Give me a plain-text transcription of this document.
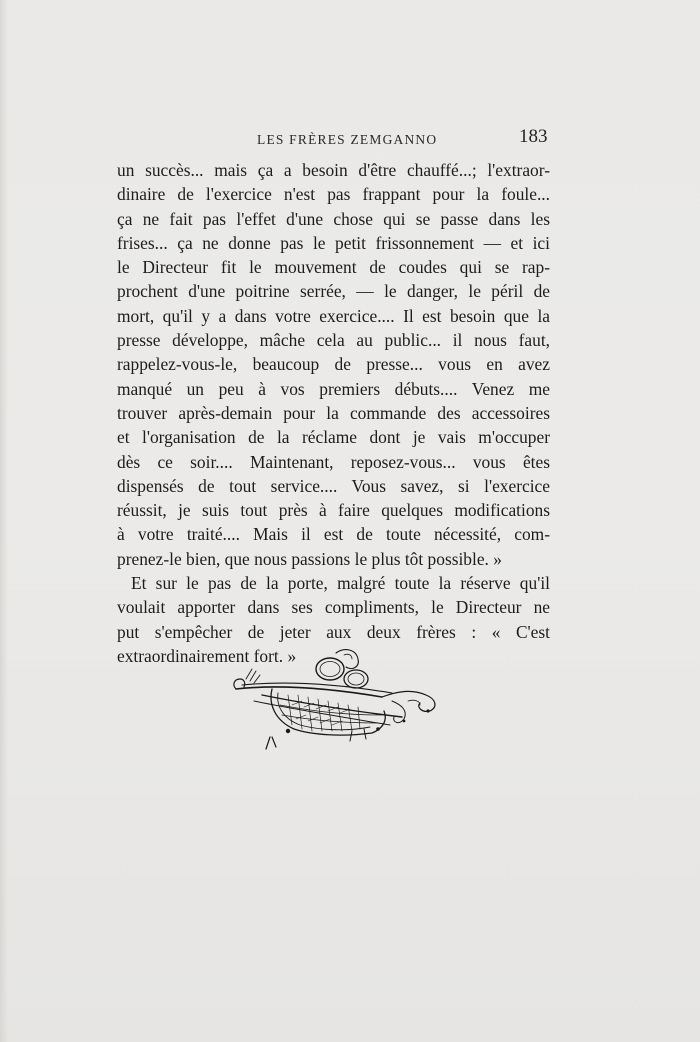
LES FRÈRES ZEMGANNO	183
un succès... mais ça a besoin d'être chauffé...; l'extraor-
dinaire de l'exercice n'est pas frappant pour la foule...
ça ne fait pas l'effet d'une chose qui se passe dans les
frises... ça ne donne pas le petit frissonnement — et ici
le Directeur fit le mouvement de coudes qui se rap-
prochent d'une poitrine serrée, — le danger, le péril de
mort, qu'il y a dans votre exercice.... Il est besoin que la
presse développe, mâche cela au public... il nous faut,
rappelez-vous-le, beaucoup de presse... vous en avez
manqué un peu à vos premiers débuts.... Venez me
trouver après-demain pour la commande des accessoires
et l'organisation de la réclame dont je vais m'occuper
dès ce soir.... Maintenant, reposez-vous... vous êtes
dispensés de tout service.... Vous savez, si l'exercice
réussit, je suis tout près à faire quelques modifications
à votre traité.... Mais il est de toute nécessité, com-
prenez-le bien, que nous passions le plus tôt possible. »
Et sur le pas de la porte, malgré toute la réserve qu'il
voulait apporter dans ses compliments, le Directeur ne
put s'empêcher de jeter aux deux frères : « C'est
extraordinairement fort. »
